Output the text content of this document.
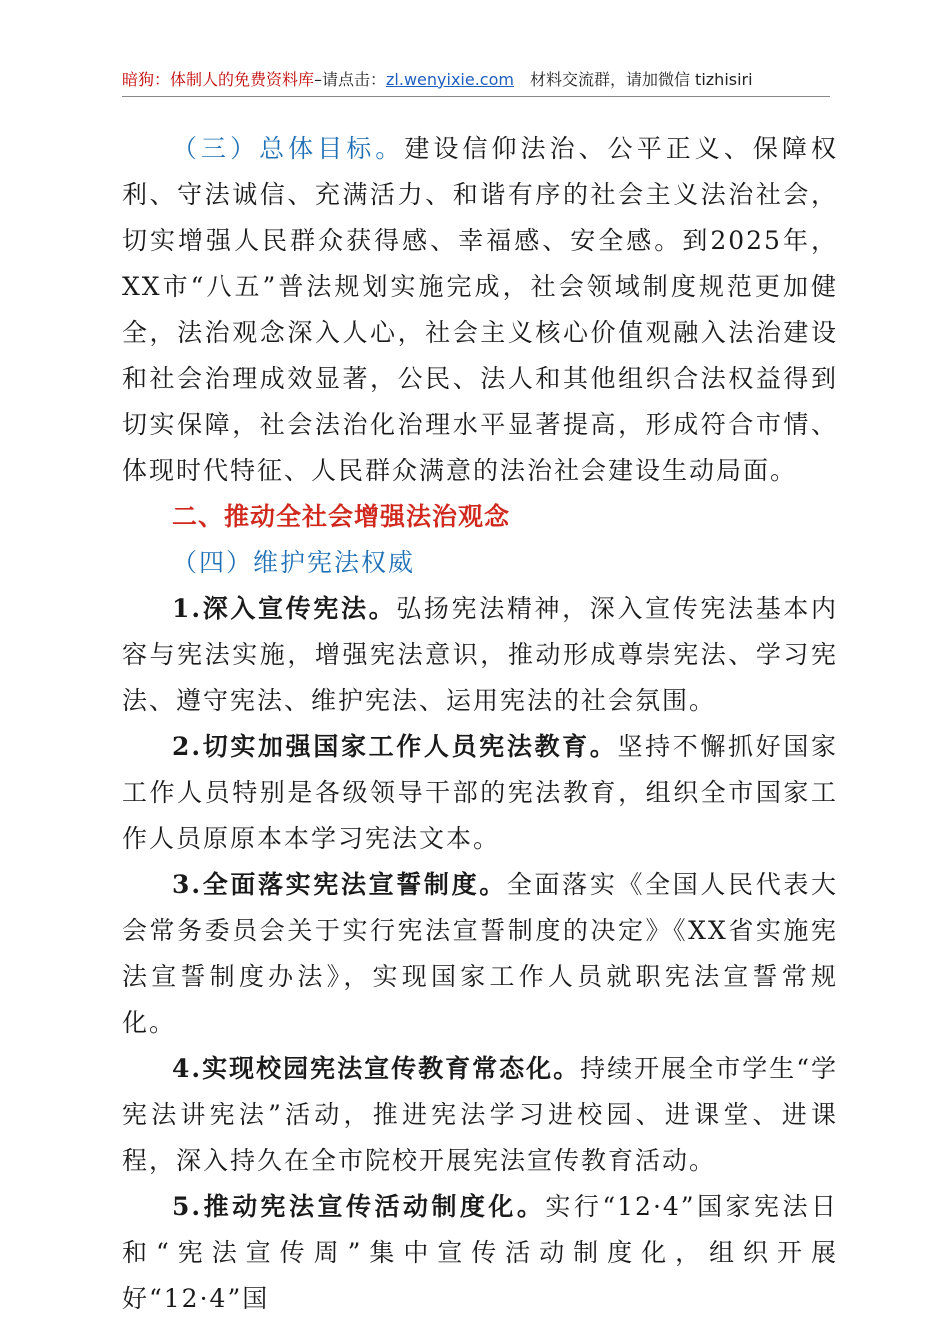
暗狗：体制人的免费资料库–请点击：zl.wenyixie.com 材料交流群，请加微信 tizhisiri

（三）总体目标。建设信仰法治、公平正义、保障权利、守法诚信、充满活力、和谐有序的社会主义法治社会，切实增强人民群众获得感、幸福感、安全感。到2025年，XX市“八五”普法规划实施完成，社会领域制度规范更加健全，法治观念深入人心，社会主义核心价值观融入法治建设和社会治理成效显著，公民、法人和其他组织合法权益得到切实保障，社会法治化治理水平显著提高，形成符合市情、体现时代特征、人民群众满意的法治社会建设生动局面。

二、推动全社会增强法治观念

（四）维护宪法权威

1.深入宣传宪法。弘扬宪法精神，深入宣传宪法基本内容与宪法实施，增强宪法意识，推动形成尊崇宪法、学习宪法、遵守宪法、维护宪法、运用宪法的社会氛围。

2.切实加强国家工作人员宪法教育。坚持不懈抓好国家工作人员特别是各级领导干部的宪法教育，组织全市国家工作人员原原本本学习宪法文本。

3.全面落实宪法宣誓制度。全面落实《全国人民代表大会常务委员会关于实行宪法宣誓制度的决定》《XX省实施宪法宣誓制度办法》，实现国家工作人员就职宪法宣誓常规化。

4.实现校园宪法宣传教育常态化。持续开展全市学生“学宪法讲宪法”活动，推进宪法学习进校园、进课堂、进课程，深入持久在全市院校开展宪法宣传教育活动。

5.推动宪法宣传活动制度化。实行“12·4”国家宪法日和“宪法宣传周”集中宣传活动制度化，组织开展好“12·4”国
